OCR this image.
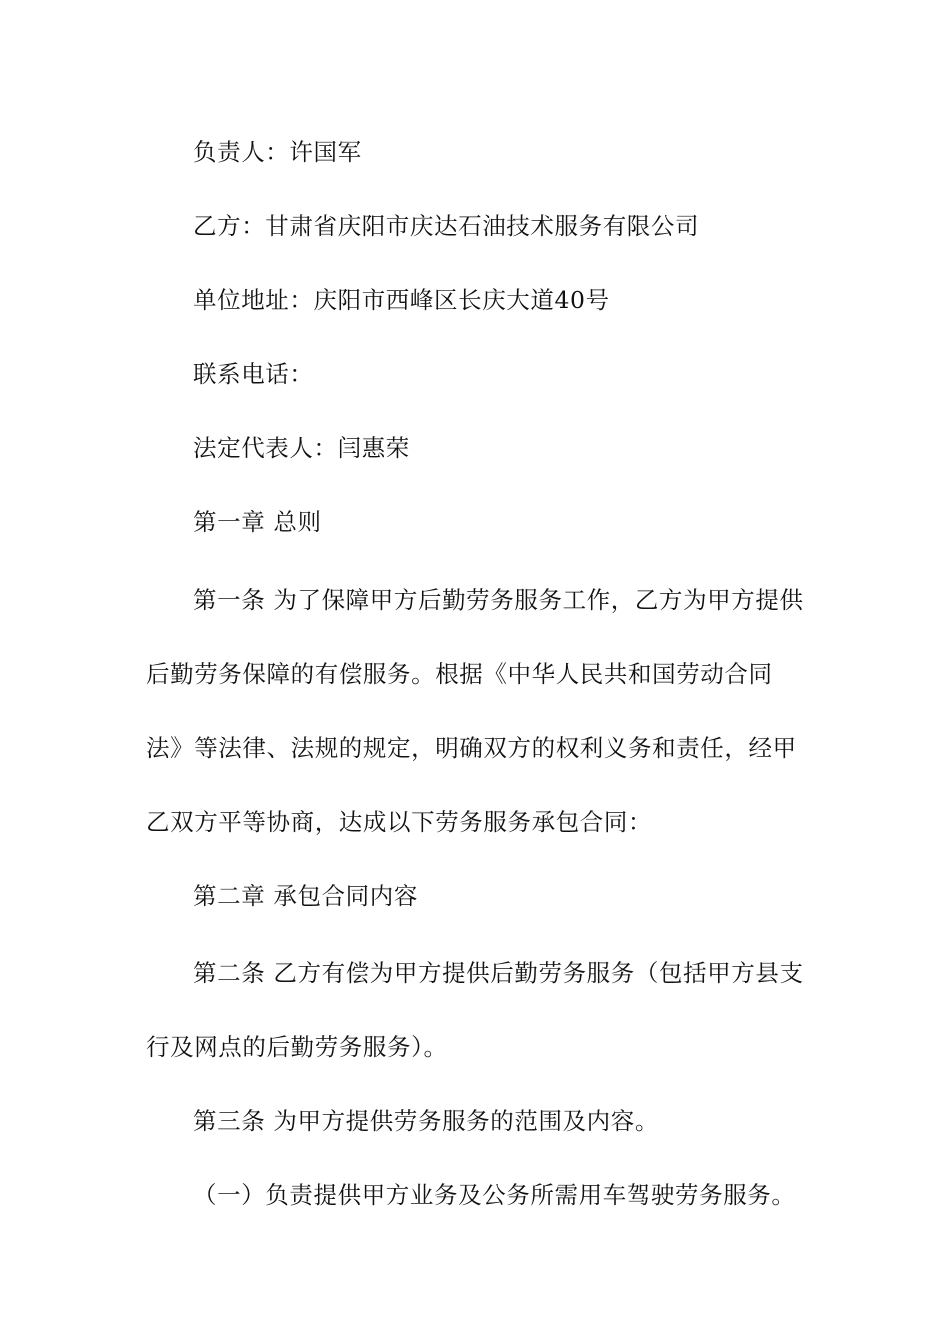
负责人：许国军

乙方：甘肃省庆阳市庆达石油技术服务有限公司

单位地址：庆阳市西峰区长庆大道40号

联系电话：

法定代表人：闫惠荣

第一章 总则

第一条 为了保障甲方后勤劳务服务工作，乙方为甲方提供

后勤劳务保障的有偿服务。根据《中华人民共和国劳动合同

法》等法律、法规的规定，明确双方的权利义务和责任，经甲

乙双方平等协商，达成以下劳务服务承包合同：

第二章 承包合同内容

第二条 乙方有偿为甲方提供后勤劳务服务（包括甲方县支

行及网点的后勤劳务服务）。

第三条 为甲方提供劳务服务的范围及内容。

（一）负责提供甲方业务及公务所需用车驾驶劳务服务。
